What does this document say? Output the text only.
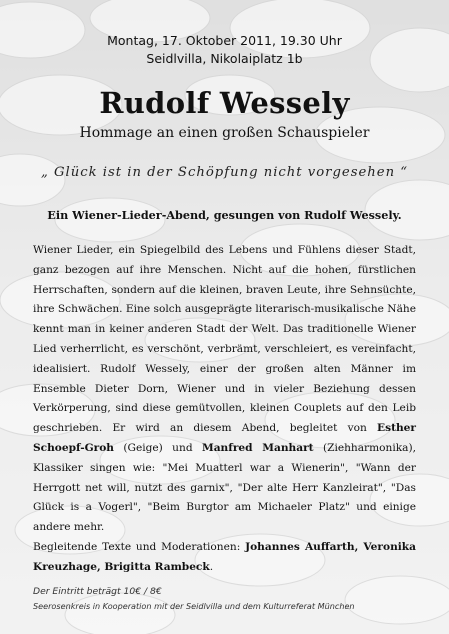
Montag, 17. Oktober 2011, 19.30 Uhr
Seidlvilla, Nikolaiplatz 1b
Rudolf Wessely
Hommage an einen großen Schauspieler
„ Glück ist in der Schöpfung nicht vorgesehen “
Ein Wiener-Lieder-Abend, gesungen von Rudolf Wessely.

Wiener Lieder, ein Spiegelbild des Lebens und Fühlens dieser Stadt, ganz bezogen auf ihre Menschen. Nicht auf die hohen, fürstlichen Herrschaften, sondern auf die kleinen, braven Leute, ihre Sehnsüchte, ihre Schwächen. Eine solch ausgeprägte literarisch-musikalische Nähe kennt man in keiner anderen Stadt der Welt. Das traditionelle Wiener Lied verherrlicht, es verschönt, verbrämt, verschleiert, es vereinfacht, idealisiert. Rudolf Wessely, einer der großen alten Männer im Ensemble Dieter Dorn, Wiener und in vieler Beziehung dessen Verkörperung, sind diese gemütvollen, kleinen Couplets auf den Leib geschrieben. Er wird an diesem Abend, begleitet von Esther Schoepf-Groh (Geige) und Manfred Manhart (Ziehharmonika), Klassiker singen wie: "Mei Muatterl war a Wienerin", "Wann der Herrgott net will, nutzt des garnix", "Der alte Herr Kanzleirat", "Das Glück is a Vogerl", "Beim Burgtor am Michaeler Platz" und einige andere mehr.

Begleitende Texte und Moderationen: Johannes Auffarth, Veronika Kreuzhage, Brigitta Rambeck.

Der Eintritt beträgt 10€ / 8€
Seerosenkreis in Kooperation mit der Seidlvilla und dem Kulturreferat München
